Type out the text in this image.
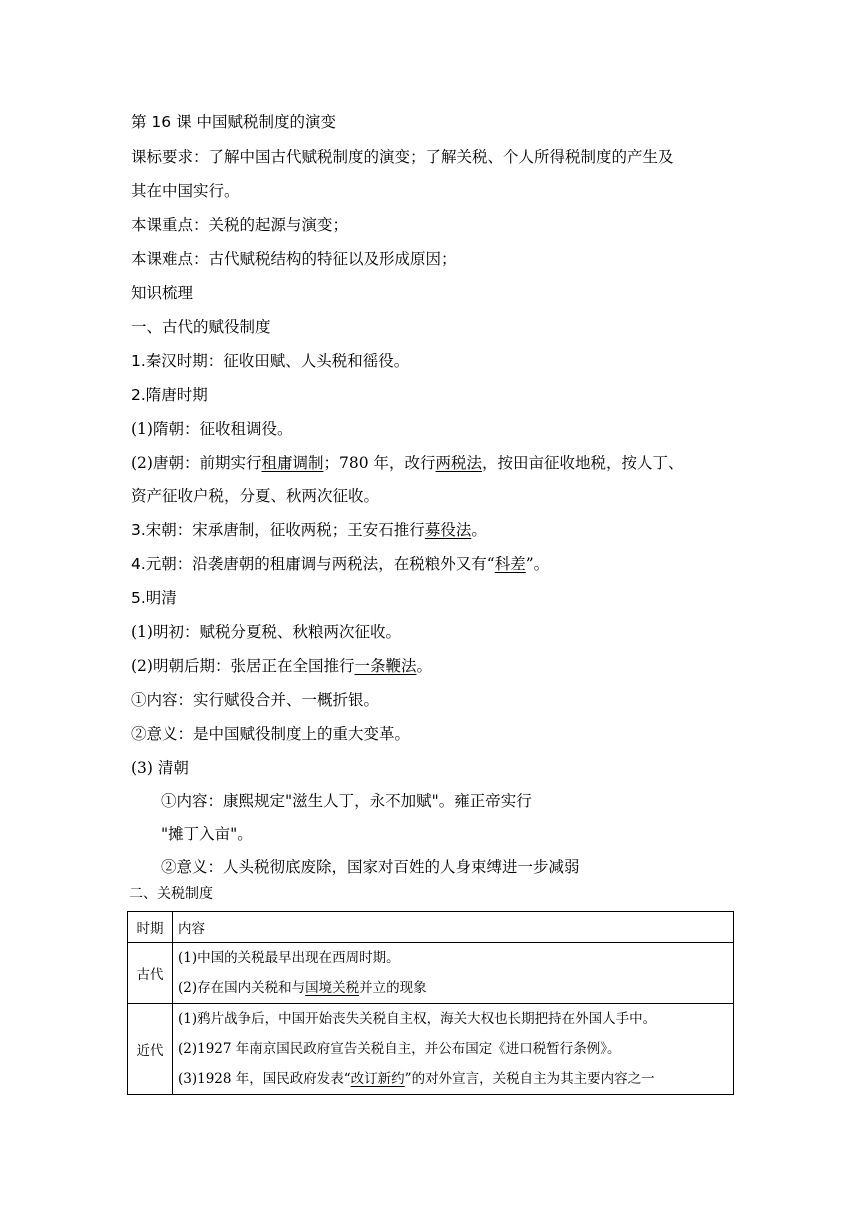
第 16 课 中国赋税制度的演变
课标要求：了解中国古代赋税制度的演变；了解关税、个人所得税制度的产生及
其在中国实行。
本课重点：关税的起源与演变；
本课难点：古代赋税结构的特征以及形成原因；
知识梳理
一、古代的赋役制度
1.秦汉时期：征收田赋、人头税和徭役。
2.隋唐时期
(1)隋朝：征收租调役。
(2)唐朝：前期实行租庸调制；780 年，改行两税法，按田亩征收地税，按人丁、
资产征收户税，分夏、秋两次征收。
3.宋朝：宋承唐制，征收两税；王安石推行募役法。
4.元朝：沿袭唐朝的租庸调与两税法，在税粮外又有“科差”。
5.明清
(1)明初：赋税分夏税、秋粮两次征收。
(2)明朝后期：张居正在全国推行一条鞭法。
①内容：实行赋役合并、一概折银。
②意义：是中国赋役制度上的重大变革。
(3) 清朝
①内容：康熙规定"滋生人丁，永不加赋"。雍正帝实行
"摊丁入亩"。
②意义：人头税彻底废除，国家对百姓的人身束缚进一步减弱
二、关税制度
时期	内容
古代	(1)中国的关税最早出现在西周时期。
(2)存在国内关税和与国境关税并立的现象

近代	(1)鸦片战争后，中国开始丧失关税自主权，海关大权也长期把持在外国人手中。
(2)1927 年南京国民政府宣告关税自主，并公布国定《进口税暂行条例》。
(3)1928 年，国民政府发表“改订新约”的对外宣言，关税自主为其主要内容之一
